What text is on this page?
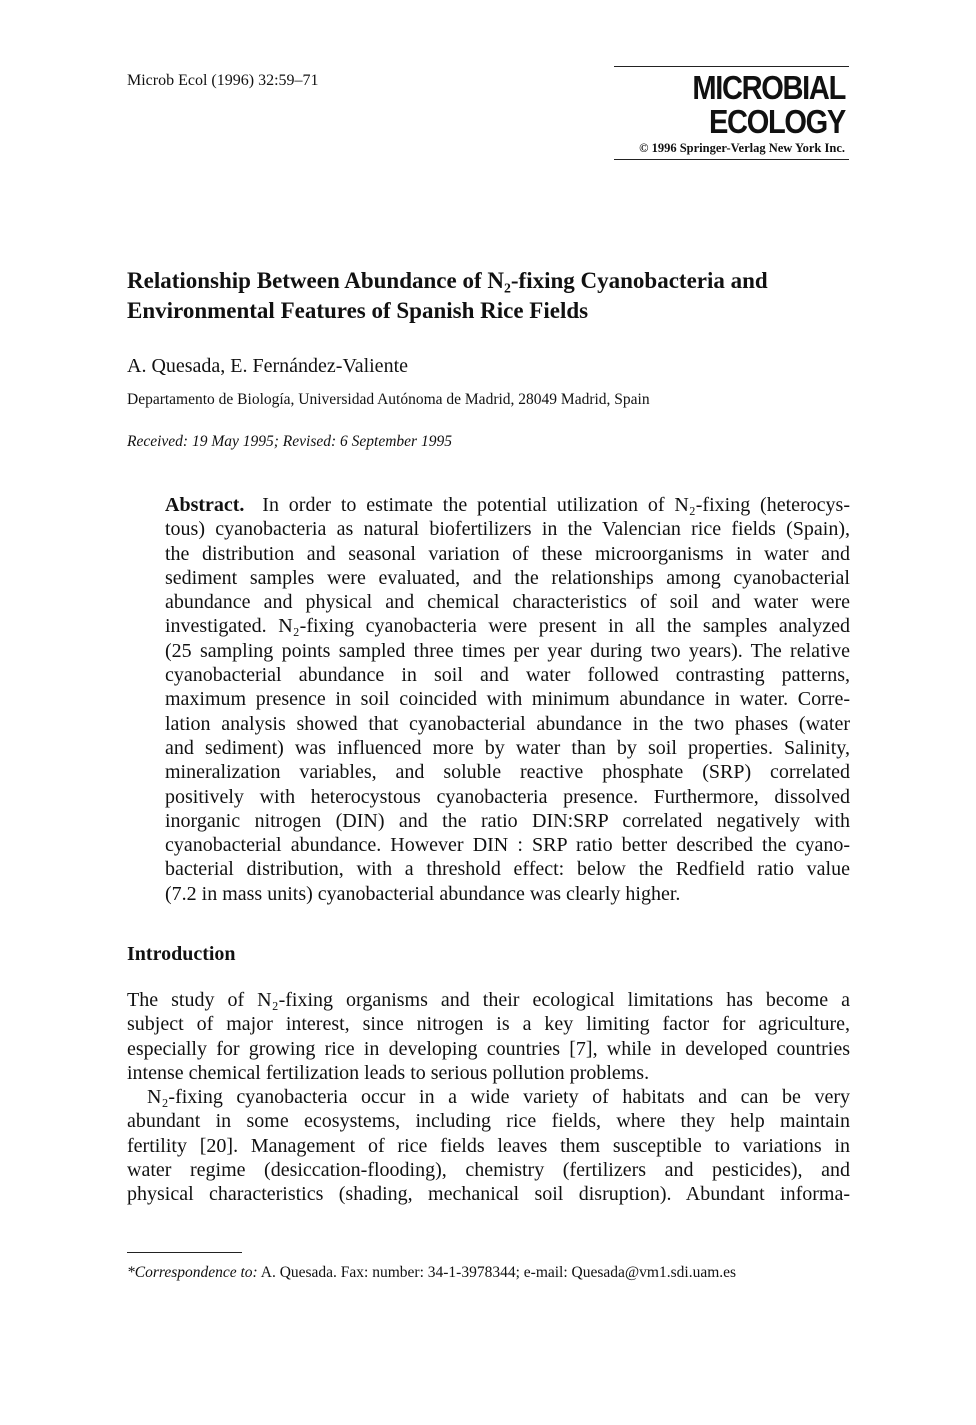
Microb Ecol (1996) 32:59–71	MICROBIAL
ECOLOGY
© 1996 Springer-Verlag New York Inc.
Relationship Between Abundance of N₂-fixing Cyanobacteria and
Environmental Features of Spanish Rice Fields
A. Quesada, E. Fernández-Valiente
Departamento de Biología, Universidad Autónoma de Madrid, 28049 Madrid, Spain
Received: 19 May 1995; Revised: 6 September 1995
Abstract. In order to estimate the potential utilization of N₂-fixing (heterocys-
tous) cyanobacteria as natural biofertilizers in the Valencian rice fields (Spain),
the distribution and seasonal variation of these microorganisms in water and
sediment samples were evaluated, and the relationships among cyanobacterial
abundance and physical and chemical characteristics of soil and water were
investigated. N₂-fixing cyanobacteria were present in all the samples analyzed
(25 sampling points sampled three times per year during two years). The relative
cyanobacterial abundance in soil and water followed contrasting patterns,
maximum presence in soil coincided with minimum abundance in water. Corre-
lation analysis showed that cyanobacterial abundance in the two phases (water
and sediment) was influenced more by water than by soil properties. Salinity,
mineralization variables, and soluble reactive phosphate (SRP) correlated
positively with heterocystous cyanobacteria presence. Furthermore, dissolved
inorganic nitrogen (DIN) and the ratio DIN:SRP correlated negatively with
cyanobacterial abundance. However DIN : SRP ratio better described the cyano-
bacterial distribution, with a threshold effect: below the Redfield ratio value
(7.2 in mass units) cyanobacterial abundance was clearly higher.
Introduction
The study of N₂-fixing organisms and their ecological limitations has become a
subject of major interest, since nitrogen is a key limiting factor for agriculture,
especially for growing rice in developing countries [7], while in developed countries
intense chemical fertilization leads to serious pollution problems.
N₂-fixing cyanobacteria occur in a wide variety of habitats and can be very
abundant in some ecosystems, including rice fields, where they help maintain
fertility [20]. Management of rice fields leaves them susceptible to variations in
water regime (desiccation-flooding), chemistry (fertilizers and pesticides), and
physical characteristics (shading, mechanical soil disruption). Abundant informa-
*Correspondence to: A. Quesada. Fax: number: 34-1-3978344; e-mail: Quesada@vm1.sdi.uam.es
